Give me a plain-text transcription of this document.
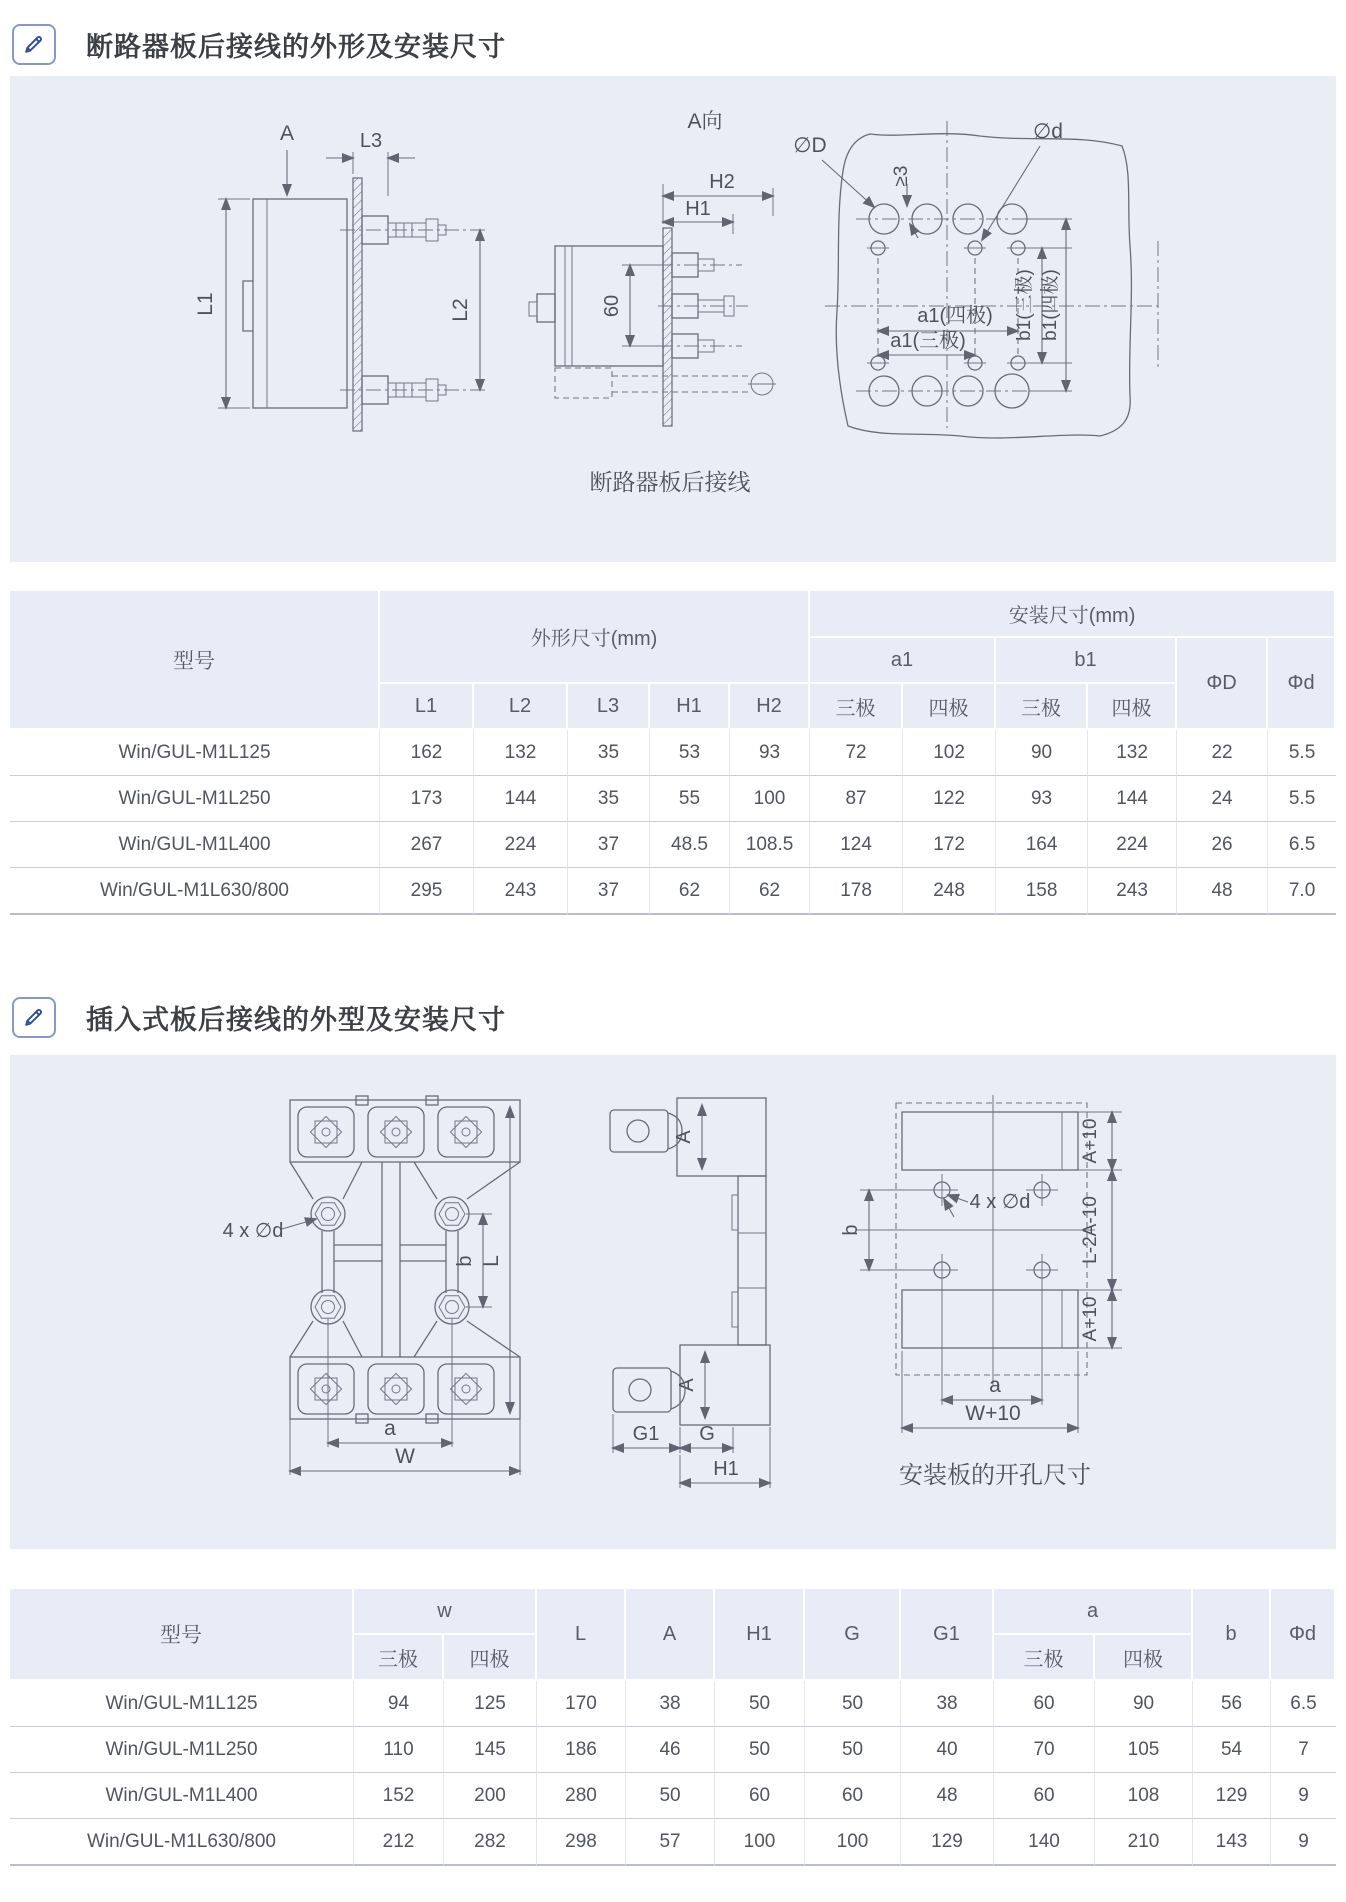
断路器板后接线的外形及安装尺寸
A	L3
L1	L2
A向
H2
H1
60
断路器板后接线
∅D
∅d
≥3
a1(四极)
a1(三极)
b1(三极) b1(四极)
型号	外形尺寸(mm)					安装尺寸(mm)					
						a1		b1		ΦD	Φd
	L1	L2	L3	H1	H2	三极	四极	三极	四极		
Win/GUL-M1L125	162	132	35	53	93	72	102	90	132	22	5.5
Win/GUL-M1L250	173	144	35	55	100	87	122	93	144	24	5.5
Win/GUL-M1L400	267	224	37	48.5	108.5	124	172	164	224	26	6.5
Win/GUL-M1L630/800	295	243	37	62	62	178	248	158	243	48	7.0
插入式板后接线的外型及安装尺寸
4 x ∅d
b L
a
W
A
A
G1 G
H1
4 x ∅d
b
A+10
L-2A-10
A+10
a
W+10
安装板的开孔尺寸
型号	w		L	A	H1	G	G1	a		b	Φd
	三极	四极						三极	四极		
Win/GUL-M1L125	94	125	170	38	50	50	38	60	90	56	6.5
Win/GUL-M1L250	110	145	186	46	50	50	40	70	105	54	7
Win/GUL-M1L400	152	200	280	50	60	60	48	60	108	129	9
Win/GUL-M1L630/800	212	282	298	57	100	100	129	140	210	143	9
